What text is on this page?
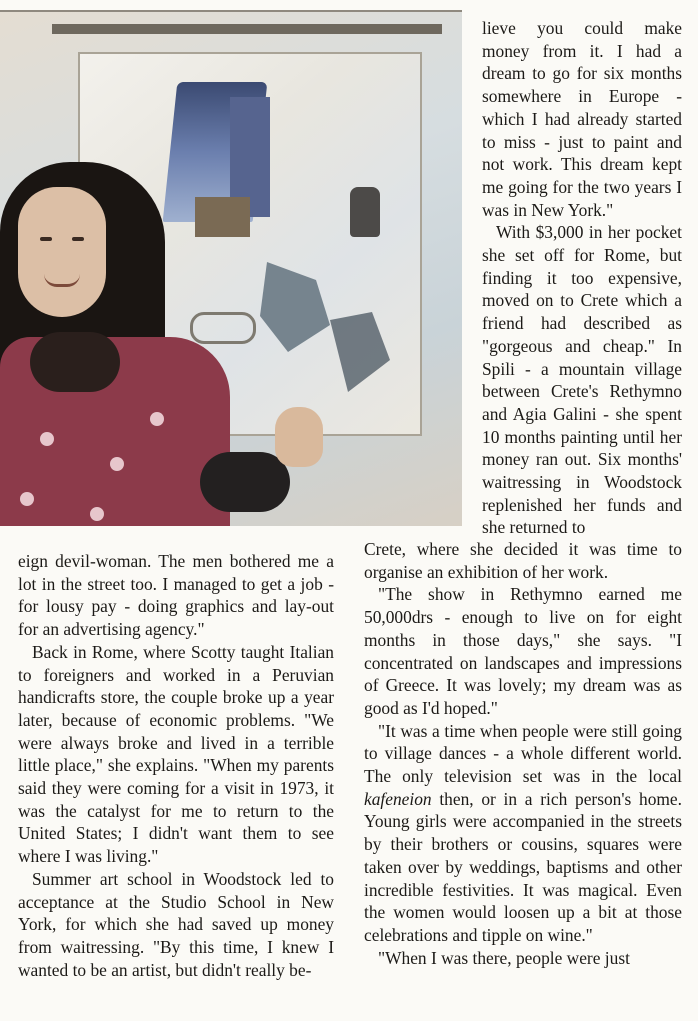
lieve you could make money from it. I had a dream to go for six months somewhere in Europe - which I had already started to miss - just to paint and not work. This dream kept me going for the two years I was in New York."

With $3,000 in her pocket she set off for Rome, but finding it too expensive, moved on to Crete which a friend had described as "gorgeous and cheap." In Spili - a mountain village between Crete's Rethymno and Agia Galini - she spent 10 months painting until her money ran out. Six months' waitressing in Woodstock replenished her funds and she returned to

eign devil-woman. The men bothered me a lot in the street too. I managed to get a job - for lousy pay - doing graphics and lay-out for an advertising agency."

Back in Rome, where Scotty taught Italian to foreigners and worked in a Peruvian handicrafts store, the couple broke up a year later, because of economic problems. "We were always broke and lived in a terrible little place," she explains. "When my parents said they were coming for a visit in 1973, it was the catalyst for me to return to the United States; I didn't want them to see where I was living."

Summer art school in Woodstock led to acceptance at the Studio School in New York, for which she had saved up money from waitressing. "By this time, I knew I wanted to be an artist, but didn't really be-

Crete, where she decided it was time to organise an exhibition of her work.

"The show in Rethymno earned me 50,000drs - enough to live on for eight months in those days," she says. "I concentrated on landscapes and impressions of Greece. It was lovely; my dream was as good as I'd hoped."

"It was a time when people were still going to village dances - a whole different world. The only television set was in the local kafeneion then, or in a rich person's home. Young girls were accompanied in the streets by their brothers or cousins, squares were taken over by weddings, baptisms and other incredible festivities. It was magical. Even the women would loosen up a bit at those celebrations and tipple on wine."

"When I was there, people were just
